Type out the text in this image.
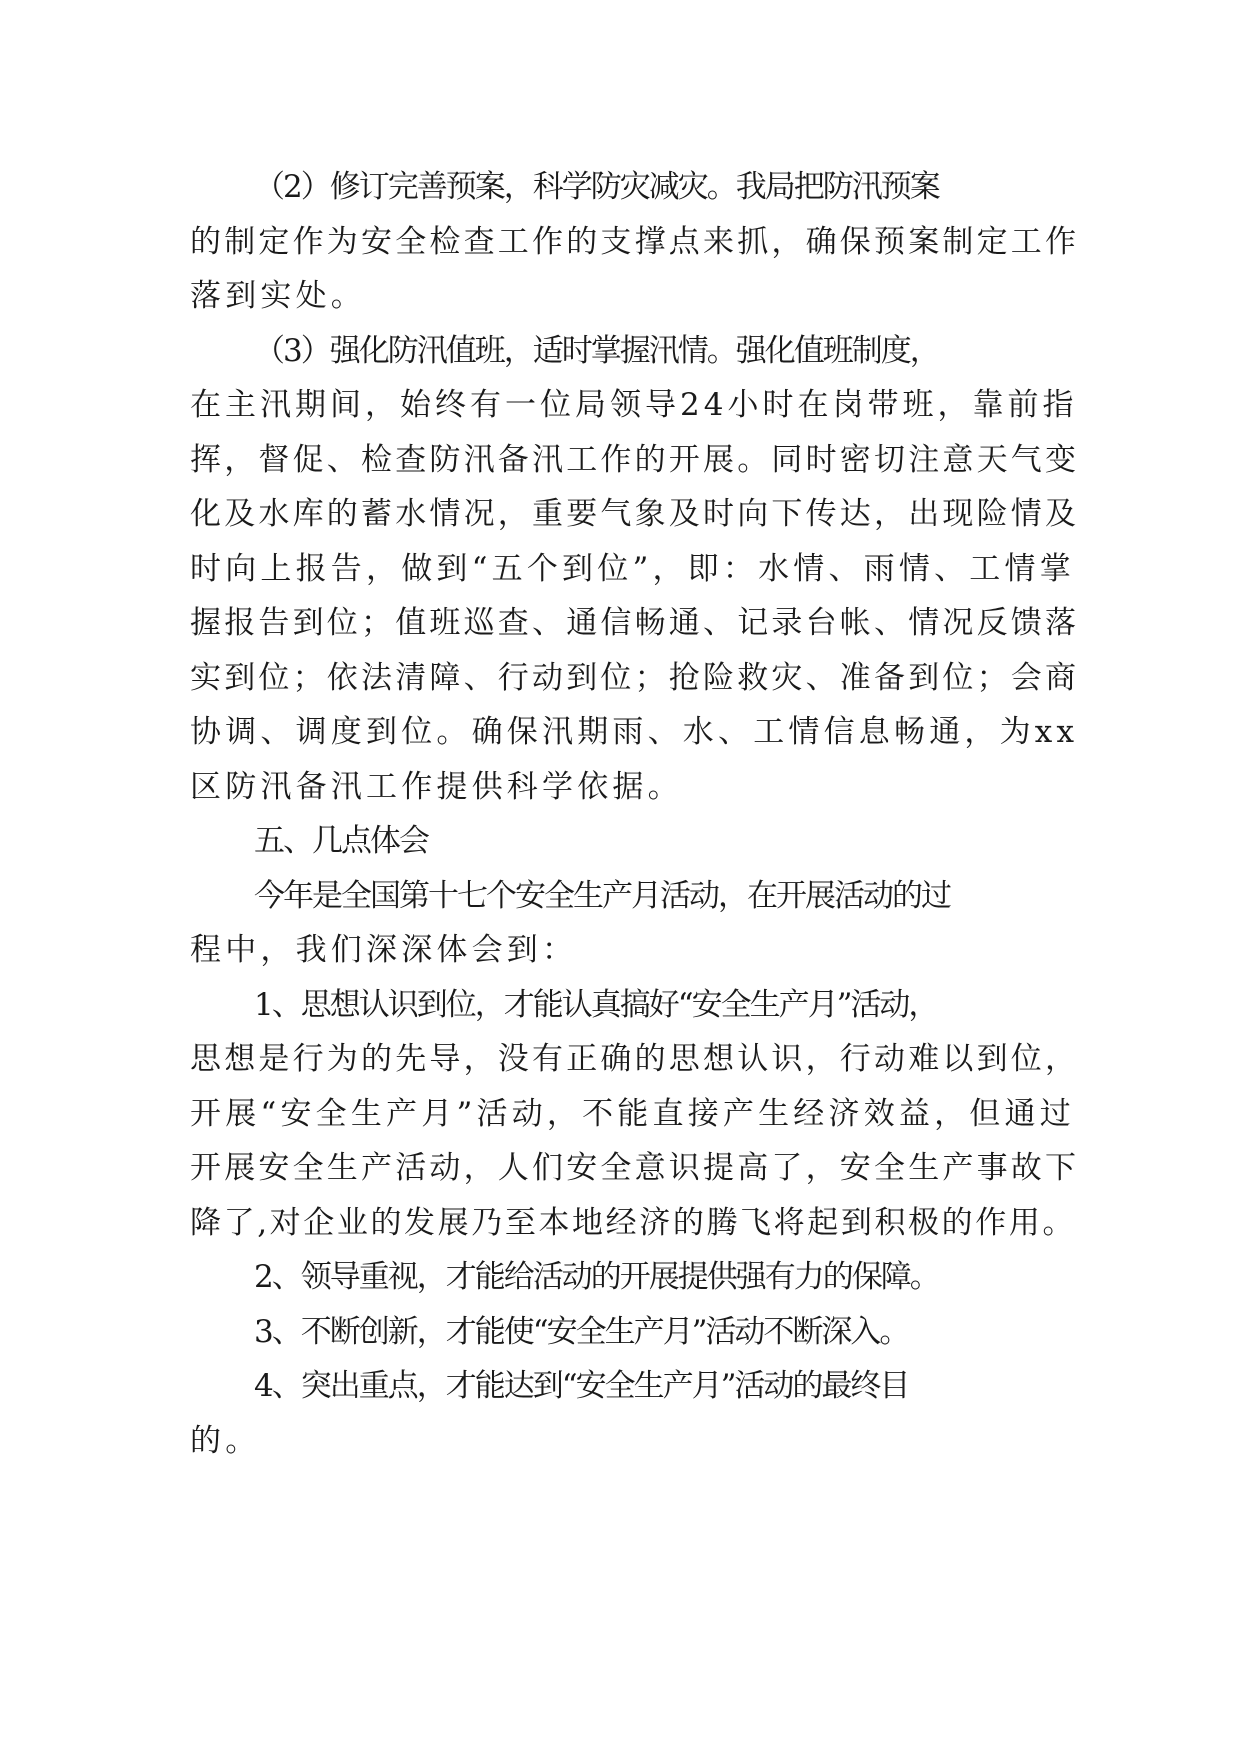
（2）修订完善预案，科学防灾减灾。我局把防汛预案
的制定作为安全检查工作的支撑点来抓，确保预案制定工作
落到实处。
（3）强化防汛值班，适时掌握汛情。强化值班制度，
在主汛期间，始终有一位局领导24小时在岗带班，靠前指
挥，督促、检查防汛备汛工作的开展。同时密切注意天气变
化及水库的蓄水情况，重要气象及时向下传达，出现险情及
时向上报告，做到“五个到位”，即：水情、雨情、工情掌
握报告到位；值班巡查、通信畅通、记录台帐、情况反馈落
实到位；依法清障、行动到位；抢险救灾、准备到位；会商
协调、调度到位。确保汛期雨、水、工情信息畅通，为xx
区防汛备汛工作提供科学依据。
五、几点体会
今年是全国第十七个安全生产月活动，在开展活动的过
程中，我们深深体会到：
1、思想认识到位，才能认真搞好“安全生产月”活动，
思想是行为的先导，没有正确的思想认识，行动难以到位，
开展“安全生产月”活动，不能直接产生经济效益，但通过
开展安全生产活动，人们安全意识提高了，安全生产事故下
降了,对企业的发展乃至本地经济的腾飞将起到积极的作用。
2、领导重视，才能给活动的开展提供强有力的保障。
3、不断创新，才能使“安全生产月”活动不断深入。
4、突出重点，才能达到“安全生产月”活动的最终目
的。
